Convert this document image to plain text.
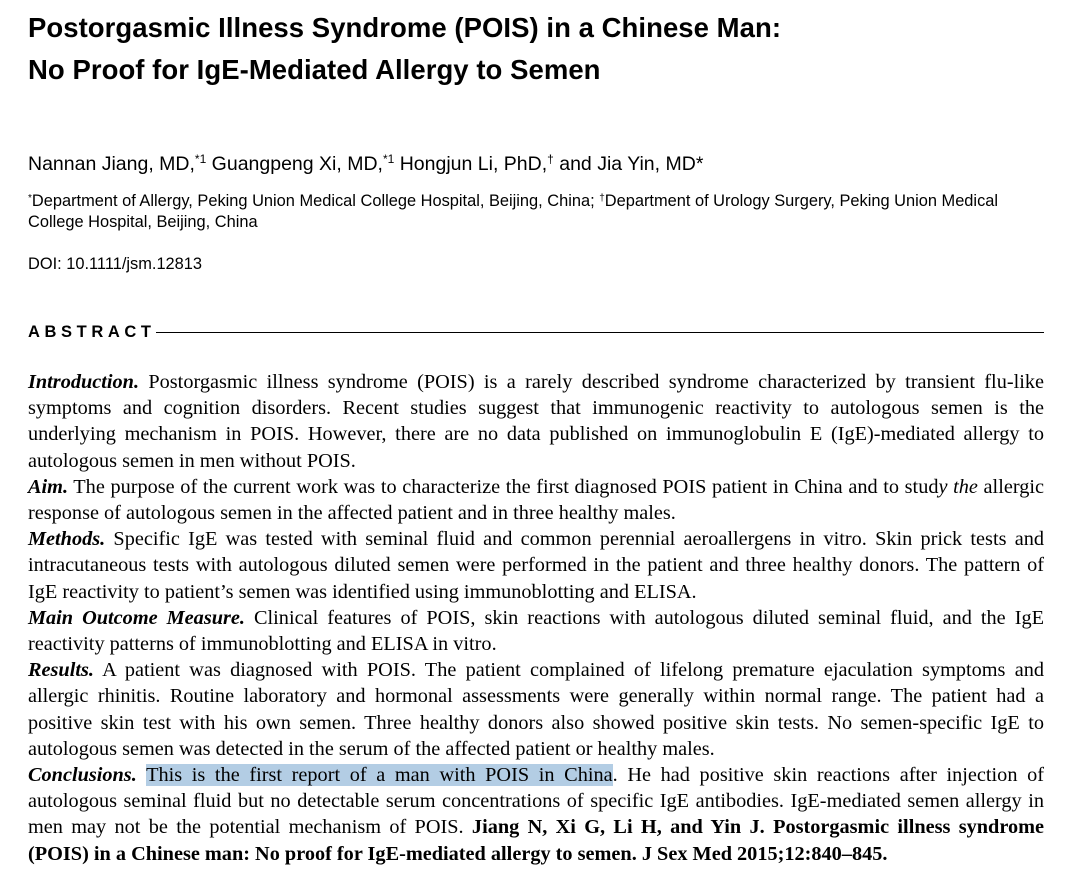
Postorgasmic Illness Syndrome (POIS) in a Chinese Man:
No Proof for IgE-Mediated Allergy to Semen
Nannan Jiang, MD,$^{*1}$ Guangpeng Xi, MD,$^{*1}$ Hongjun Li, PhD,† and Jia Yin, MD*
*Department of Allergy, Peking Union Medical College Hospital, Beijing, China; †Department of Urology Surgery, Peking Union Medical College Hospital, Beijing, China
DOI: 10.1111/jsm.12813
ABSTRACT

Introduction. Postorgasmic illness syndrome (POIS) is a rarely described syndrome characterized by transient flu-like symptoms and cognition disorders. Recent studies suggest that immunogenic reactivity to autologous semen is the underlying mechanism in POIS. However, there are no data published on immunoglobulin E (IgE)-mediated allergy to autologous semen in men without POIS.

Aim. The purpose of the current work was to characterize the first diagnosed POIS patient in China and to study the allergic response of autologous semen in the affected patient and in three healthy males.

Methods. Specific IgE was tested with seminal fluid and common perennial aeroallergens in vitro. Skin prick tests and intracutaneous tests with autologous diluted semen were performed in the patient and three healthy donors. The pattern of IgE reactivity to patient’s semen was identified using immunoblotting and ELISA.

Main Outcome Measure. Clinical features of POIS, skin reactions with autologous diluted seminal fluid, and the IgE reactivity patterns of immunoblotting and ELISA in vitro.

Results. A patient was diagnosed with POIS. The patient complained of lifelong premature ejaculation symptoms and allergic rhinitis. Routine laboratory and hormonal assessments were generally within normal range. The patient had a positive skin test with his own semen. Three healthy donors also showed positive skin tests. No semen-specific IgE to autologous semen was detected in the serum of the affected patient or healthy males.

Conclusions. This is the first report of a man with POIS in China. He had positive skin reactions after injection of autologous seminal fluid but no detectable serum concentrations of specific IgE antibodies. IgE-mediated semen allergy in men may not be the potential mechanism of POIS. Jiang N, Xi G, Li H, and Yin J. Postorgasmic illness syndrome (POIS) in a Chinese man: No proof for IgE-mediated allergy to semen. J Sex Med 2015;12:840–845.
